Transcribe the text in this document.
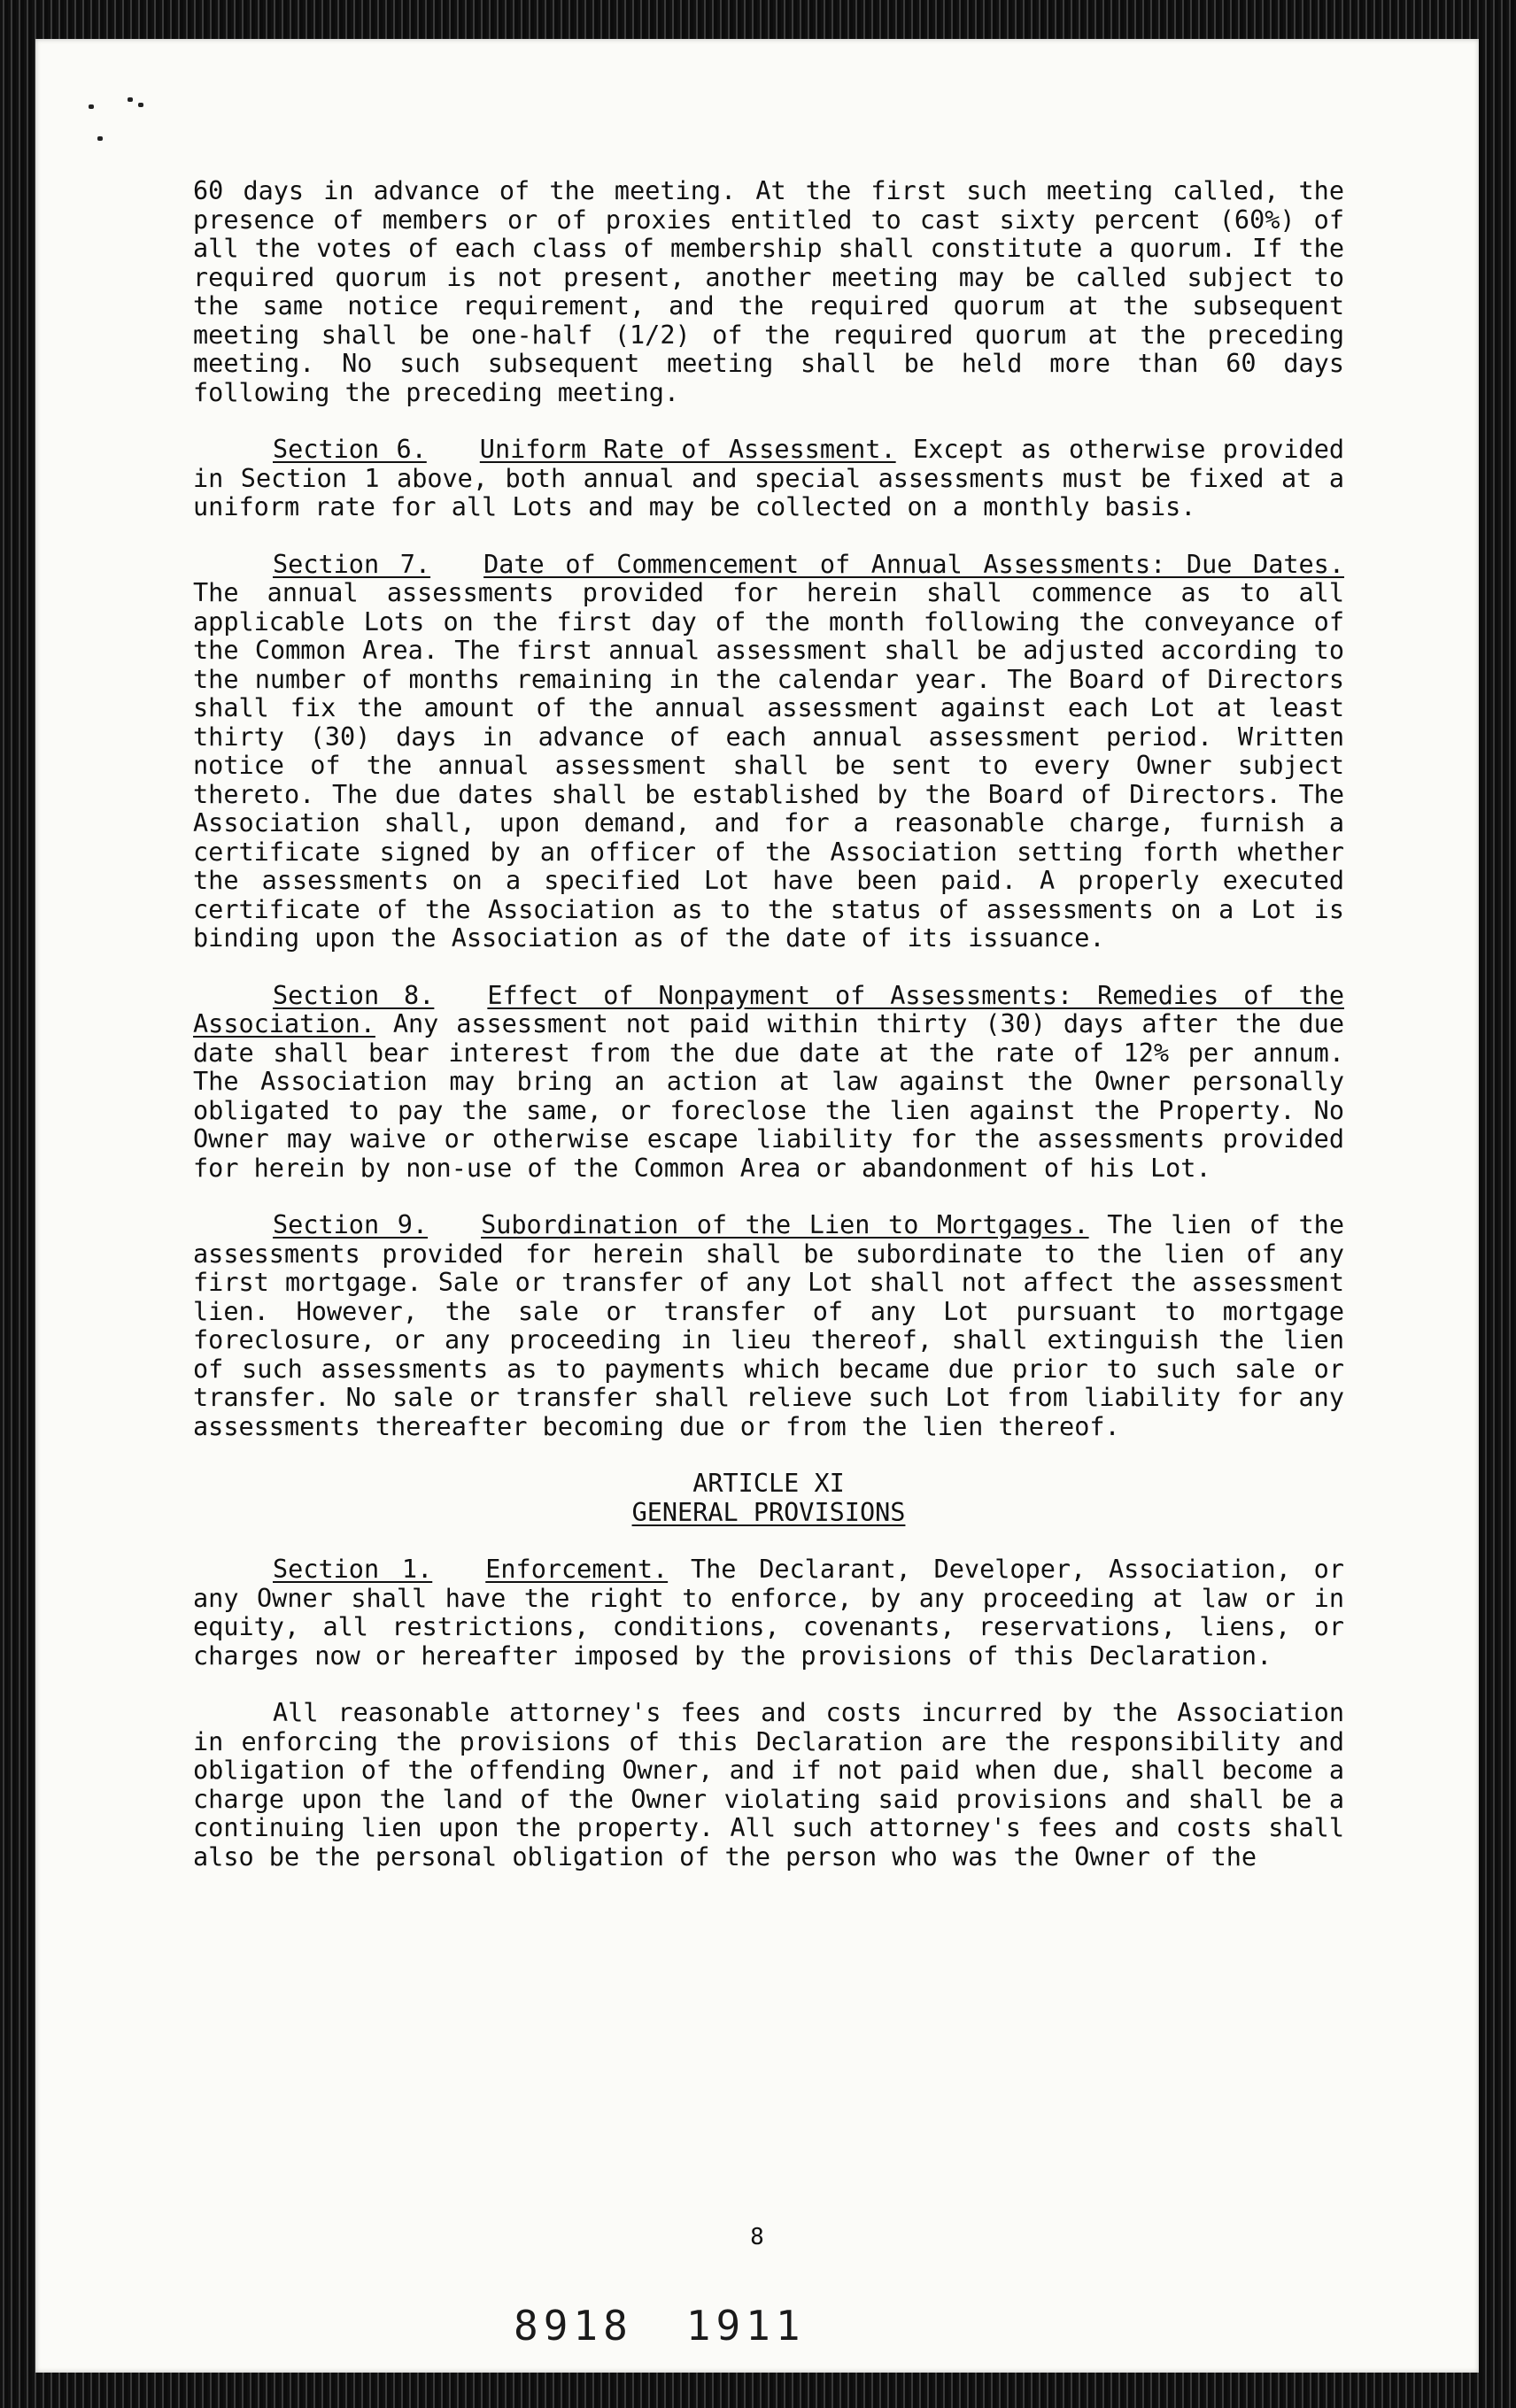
60 days in advance of the meeting. At the first such meeting called, the presence of members or of proxies entitled to cast sixty percent (60%) of all the votes of each class of membership shall constitute a quorum. If the required quorum is not present, another meeting may be called subject to the same notice requirement, and the required quorum at the subsequent meeting shall be one-half (1/2) of the required quorum at the preceding meeting. No such subsequent meeting shall be held more than 60 days following the preceding meeting.

Section 6. Uniform Rate of Assessment. Except as otherwise provided in Section 1 above, both annual and special assessments must be fixed at a uniform rate for all Lots and may be collected on a monthly basis.

Section 7. Date of Commencement of Annual Assessments: Due Dates. The annual assessments provided for herein shall commence as to all applicable Lots on the first day of the month following the conveyance of the Common Area. The first annual assessment shall be adjusted according to the number of months remaining in the calendar year. The Board of Directors shall fix the amount of the annual assessment against each Lot at least thirty (30) days in advance of each annual assessment period. Written notice of the annual assessment shall be sent to every Owner subject thereto. The due dates shall be established by the Board of Directors. The Association shall, upon demand, and for a reasonable charge, furnish a certificate signed by an officer of the Association setting forth whether the assessments on a specified Lot have been paid. A properly executed certificate of the Association as to the status of assessments on a Lot is binding upon the Association as of the date of its issuance.

Section 8. Effect of Nonpayment of Assessments: Remedies of the Association. Any assessment not paid within thirty (30) days after the due date shall bear interest from the due date at the rate of 12% per annum. The Association may bring an action at law against the Owner personally obligated to pay the same, or foreclose the lien against the Property. No Owner may waive or otherwise escape liability for the assessments provided for herein by non-use of the Common Area or abandonment of his Lot.

Section 9. Subordination of the Lien to Mortgages. The lien of the assessments provided for herein shall be subordinate to the lien of any first mortgage. Sale or transfer of any Lot shall not affect the assessment lien. However, the sale or transfer of any Lot pursuant to mortgage foreclosure, or any proceeding in lieu thereof, shall extinguish the lien of such assessments as to payments which became due prior to such sale or transfer. No sale or transfer shall relieve such Lot from liability for any assessments thereafter becoming due or from the lien thereof.

ARTICLE XI
GENERAL PROVISIONS

Section 1. Enforcement. The Declarant, Developer, Association, or any Owner shall have the right to enforce, by any proceeding at law or in equity, all restrictions, conditions, covenants, reservations, liens, or charges now or hereafter imposed by the provisions of this Declaration.

All reasonable attorney's fees and costs incurred by the Association in enforcing the provisions of this Declaration are the responsibility and obligation of the offending Owner, and if not paid when due, shall become a charge upon the land of the Owner violating said provisions and shall be a continuing lien upon the property. All such attorney's fees and costs shall also be the personal obligation of the person who was the Owner of the

8
8918 1911
